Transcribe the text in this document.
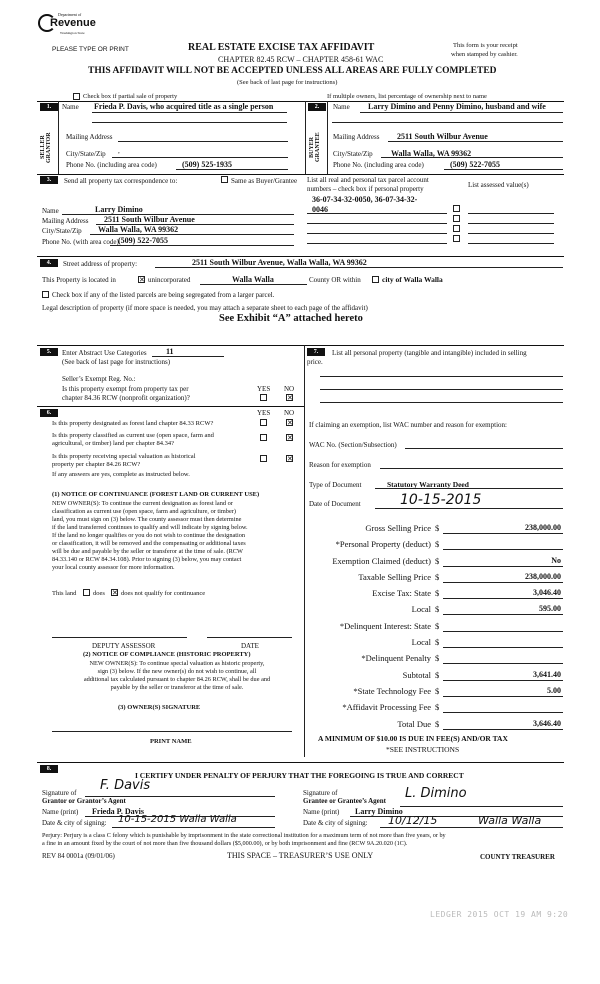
Department of
Revenue
Washington State
PLEASE TYPE OR PRINT	REAL ESTATE EXCISE TAX AFFIDAVIT
CHAPTER 82.45 RCW – CHAPTER 458-61 WAC
This form is your receipt
when stamped by cashier.
THIS AFFIDAVIT WILL NOT BE ACCEPTED UNLESS ALL AREAS ARE FULLY COMPLETED
(See back of last page for instructions)
Check box if partial sale of property	If multiple owners, list percentage of ownership next to name
1.
SELLER GRANTOR
Name Frieda P. Davis, who acquired title as a single person
Mailing Address
City/State/Zip ,
Phone No. (including area code)	(509) 525-1935
2.
BUYER GRANTEE
Name Larry Dimino and Penny Dimino, husband and wife
Mailing Address 2511 South Wilbur Avenue
City/State/Zip Walla Walla, WA 99362
Phone No. (including area code)	(509) 522-7055
3.	Send all property tax correspondence to:	Same as Buyer/Grantee
Name	Larry Dimino
Mailing Address 2511 South Wilbur Avenue
City/State/Zip Walla Walla, WA 99362
Phone No. (with area code) (509) 522-7055
List all real and personal tax parcel account
numbers – check box if personal property	List assessed value(s)
36-07-34-32-0050, 36-07-34-32-
0046
4.	Street address of property:	2511 South Wilbur Avenue, Walla Walla, WA 99362
This Property is located in	✕ unincorporated	Walla Walla	County OR within	city of Walla Walla
Check box if any of the listed parcels are being segregated from a larger parcel.
Legal description of property (if more space is needed, you may attach a separate sheet to each page of the affidavit)
See Exhibit “A” attached hereto
5.	Enter Abstract Use Categories 11
(See back of last page for instructions)
Seller’s Exempt Reg. No.:
Is this property exempt from property tax per
chapter 84.36 RCW (nonprofit organization)?
YES NO
✕
7.	List all personal property (tangible and intangible) included in selling
price.
6.	YES NO
Is this property designated as forest land chapter 84.33 RCW?	✕
Is this property classified as current use (open space, farm and
agricultural, or timber) land per chapter 84.34?
✕
Is this property receiving special valuation as historical
property per chapter 84.26 RCW?
✕
If any answers are yes, complete as instructed below.
(1) NOTICE OF CONTINUANCE (FOREST LAND OR CURRENT USE)
NEW OWNER(S): To continue the current designation as forest land or
classification as current use (open space, farm and agriculture, or timber)
land, you must sign on (3) below. The county assessor must then determine
if the land transferred continues to qualify and will indicate by signing below.
If the land no longer qualifies or you do not wish to continue the designation
or classification, it will be removed and the compensating or additional taxes
will be due and payable by the seller or transferor at the time of sale. (RCW
84.33.140 or RCW 84.34.108). Prior to signing (3) below, you may contact
your local county assessor for more information.
This land	does ✕ does not qualify for continuance
DEPUTY ASSESSOR	DATE
(2) NOTICE OF COMPLIANCE (HISTORIC PROPERTY)
NEW OWNER(S): To continue special valuation as historic property,
sign (3) below. If the new owner(s) do not wish to continue, all
additional tax calculated pursuant to chapter 84.26 RCW, shall be due and
payable by the seller or transferor at the time of sale.
(3) OWNER(S) SIGNATURE
PRINT NAME
If claiming an exemption, list WAC number and reason for exemption:
WAC No. (Section/Subsection)
Reason for exemption
Type of Document	Statutory Warranty Deed
Date of Document	10-15-2015
Gross Selling Price $	238,000.00
*Personal Property (deduct) $
Exemption Claimed (deduct) $	No
Taxable Selling Price $	238,000.00
Excise Tax: State $	3,046.40
Local $	595.00
*Delinquent Interest: State $
Local $
*Delinquent Penalty $
Subtotal $	3,641.40
*State Technology Fee $	5.00
*Affidavit Processing Fee $
Total Due $	3,646.40
A MINIMUM OF $10.00 IS DUE IN FEE(S) AND/OR TAX
*SEE INSTRUCTIONS
8.
I CERTIFY UNDER PENALTY OF PERJURY THAT THE FOREGOING IS TRUE AND CORRECT
Signature of
Grantor or Grantor’s Agent
F. Davis
Name (print) Frieda P. Davis
Date & city of signing: 10-15-2015 Walla Walla
Signature of
Grantee or Grantee’s Agent L. Dimino
Name (print) Larry Dimino
Date & city of signing: 10/12/15	Walla Walla
Perjury: Perjury is a class C felony which is punishable by imprisonment in the state correctional institution for a maximum term of not more than five years, or by
a fine in an amount fixed by the court of not more than five thousand dollars ($5,000.00), or by both imprisonment and fine (RCW 9A.20.020 (1C).
REV 84 0001a (09/01/06)	THIS SPACE – TREASURER’S USE ONLY	COUNTY TREASURER
LEDGER 2015 OCT 19 AM 9:20
